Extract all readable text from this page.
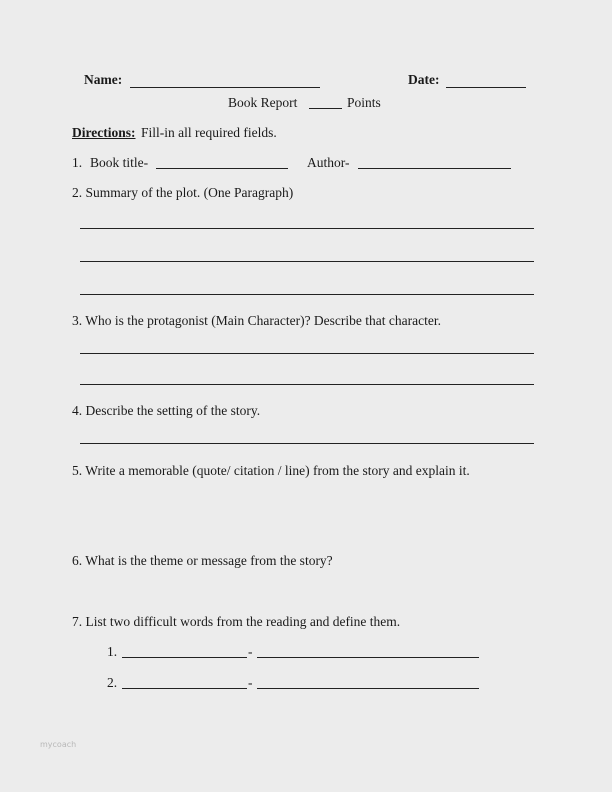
Name:	Date:
Book Report	Points
Directions: Fill-in all required fields.
1. Book title-	Author-
2. Summary of the plot. (One Paragraph)
3. Who is the protagonist (Main Character)? Describe that character.
4. Describe the setting of the story.
5. Write a memorable (quote/ citation / line) from the story and explain it.
6. What is the theme or message from the story?
7. List two difficult words from the reading and define them.
1.	-
2.	-
mycoach
